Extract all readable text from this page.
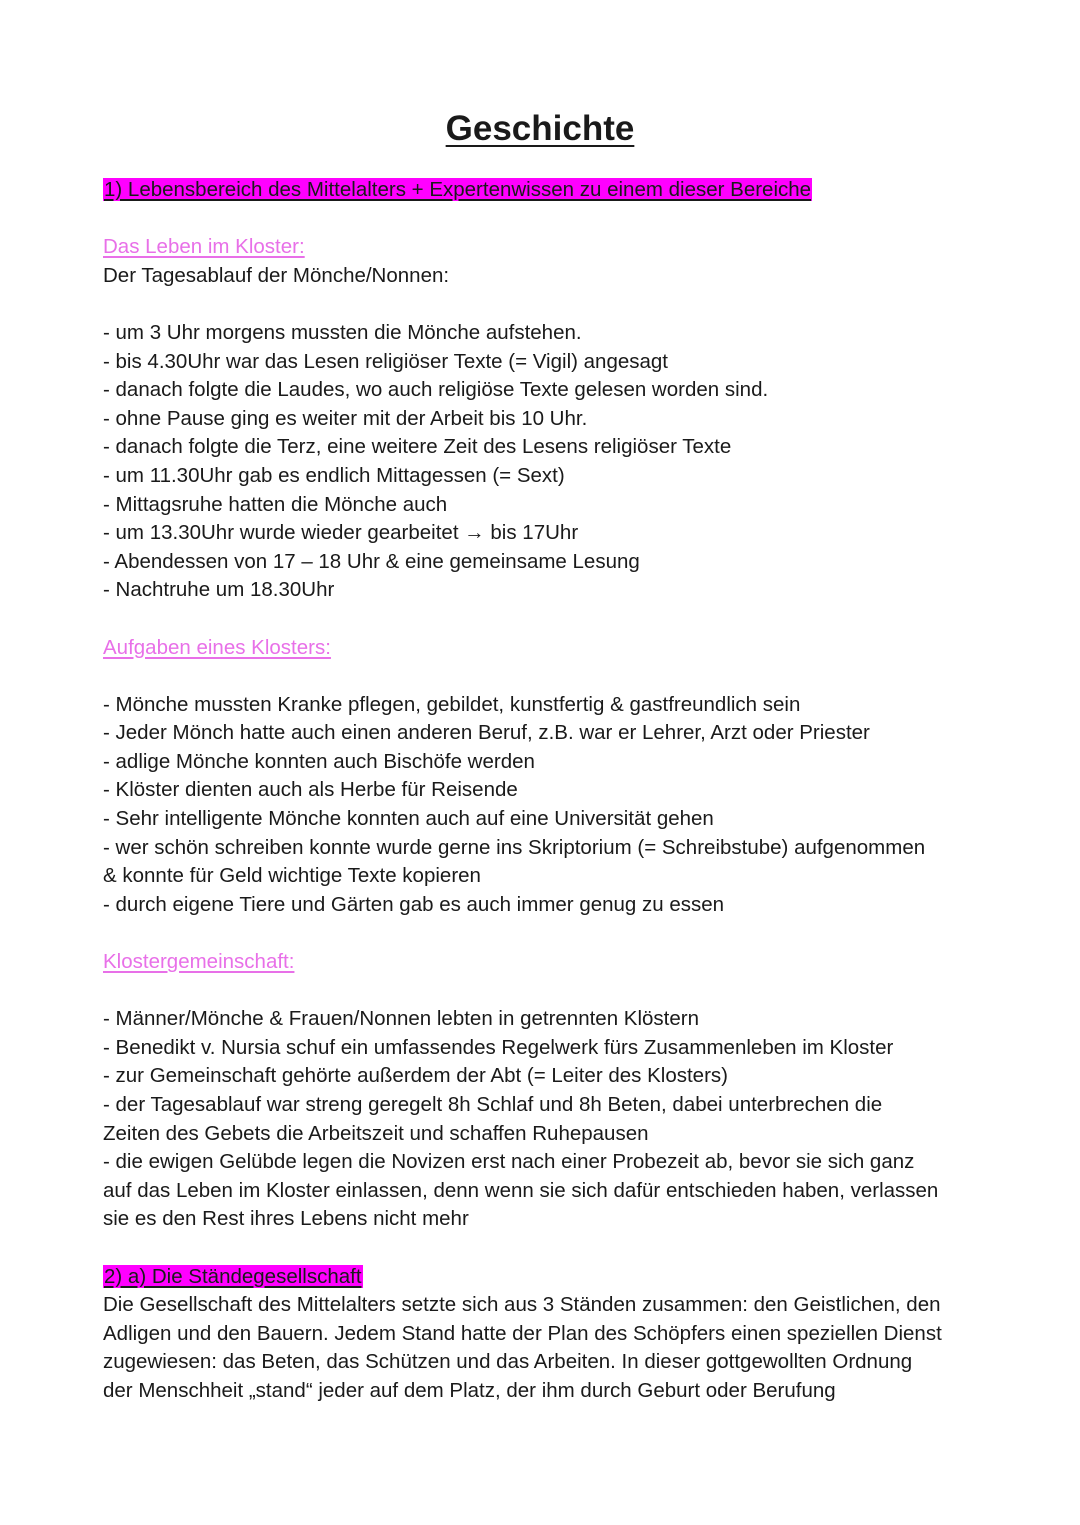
Geschichte
1) Lebensbereich des Mittelalters + Expertenwissen zu einem dieser Bereiche
Das Leben im Kloster:
Der Tagesablauf der Mönche/Nonnen:
- um 3 Uhr morgens mussten die Mönche aufstehen.
- bis 4.30Uhr war das Lesen religiöser Texte (= Vigil) angesagt
- danach folgte die Laudes, wo auch religiöse Texte gelesen worden sind.
- ohne Pause ging es weiter mit der Arbeit bis 10 Uhr.
- danach folgte die Terz, eine weitere Zeit des Lesens religiöser Texte
- um 11.30Uhr gab es endlich Mittagessen (= Sext)
- Mittagsruhe hatten die Mönche auch
- um 13.30Uhr wurde wieder gearbeitet → bis 17Uhr
- Abendessen von 17 – 18 Uhr & eine gemeinsame Lesung
- Nachtruhe um 18.30Uhr
Aufgaben eines Klosters:
- Mönche mussten Kranke pflegen, gebildet, kunstfertig & gastfreundlich sein
- Jeder Mönch hatte auch einen anderen Beruf, z.B. war er Lehrer, Arzt oder Priester
- adlige Mönche konnten auch Bischöfe werden
- Klöster dienten auch als Herbe für Reisende
- Sehr intelligente Mönche konnten auch auf eine Universität gehen
- wer schön schreiben konnte wurde gerne ins Skriptorium (= Schreibstube) aufgenommen
& konnte für Geld wichtige Texte kopieren
- durch eigene Tiere und Gärten gab es auch immer genug zu essen
Klostergemeinschaft:
- Männer/Mönche & Frauen/Nonnen lebten in getrennten Klöstern
- Benedikt v. Nursia schuf ein umfassendes Regelwerk fürs Zusammenleben im Kloster
- zur Gemeinschaft gehörte außerdem der Abt (= Leiter des Klosters)
- der Tagesablauf war streng geregelt 8h Schlaf und 8h Beten, dabei unterbrechen die
Zeiten des Gebets die Arbeitszeit und schaffen Ruhepausen
- die ewigen Gelübde legen die Novizen erst nach einer Probezeit ab, bevor sie sich ganz
auf das Leben im Kloster einlassen, denn wenn sie sich dafür entschieden haben, verlassen
sie es den Rest ihres Lebens nicht mehr
2) a) Die Ständegesellschaft
Die Gesellschaft des Mittelalters setzte sich aus 3 Ständen zusammen: den Geistlichen, den
Adligen und den Bauern. Jedem Stand hatte der Plan des Schöpfers einen speziellen Dienst
zugewiesen: das Beten, das Schützen und das Arbeiten. In dieser gottgewollten Ordnung
der Menschheit „stand“ jeder auf dem Platz, der ihm durch Geburt oder Berufung
